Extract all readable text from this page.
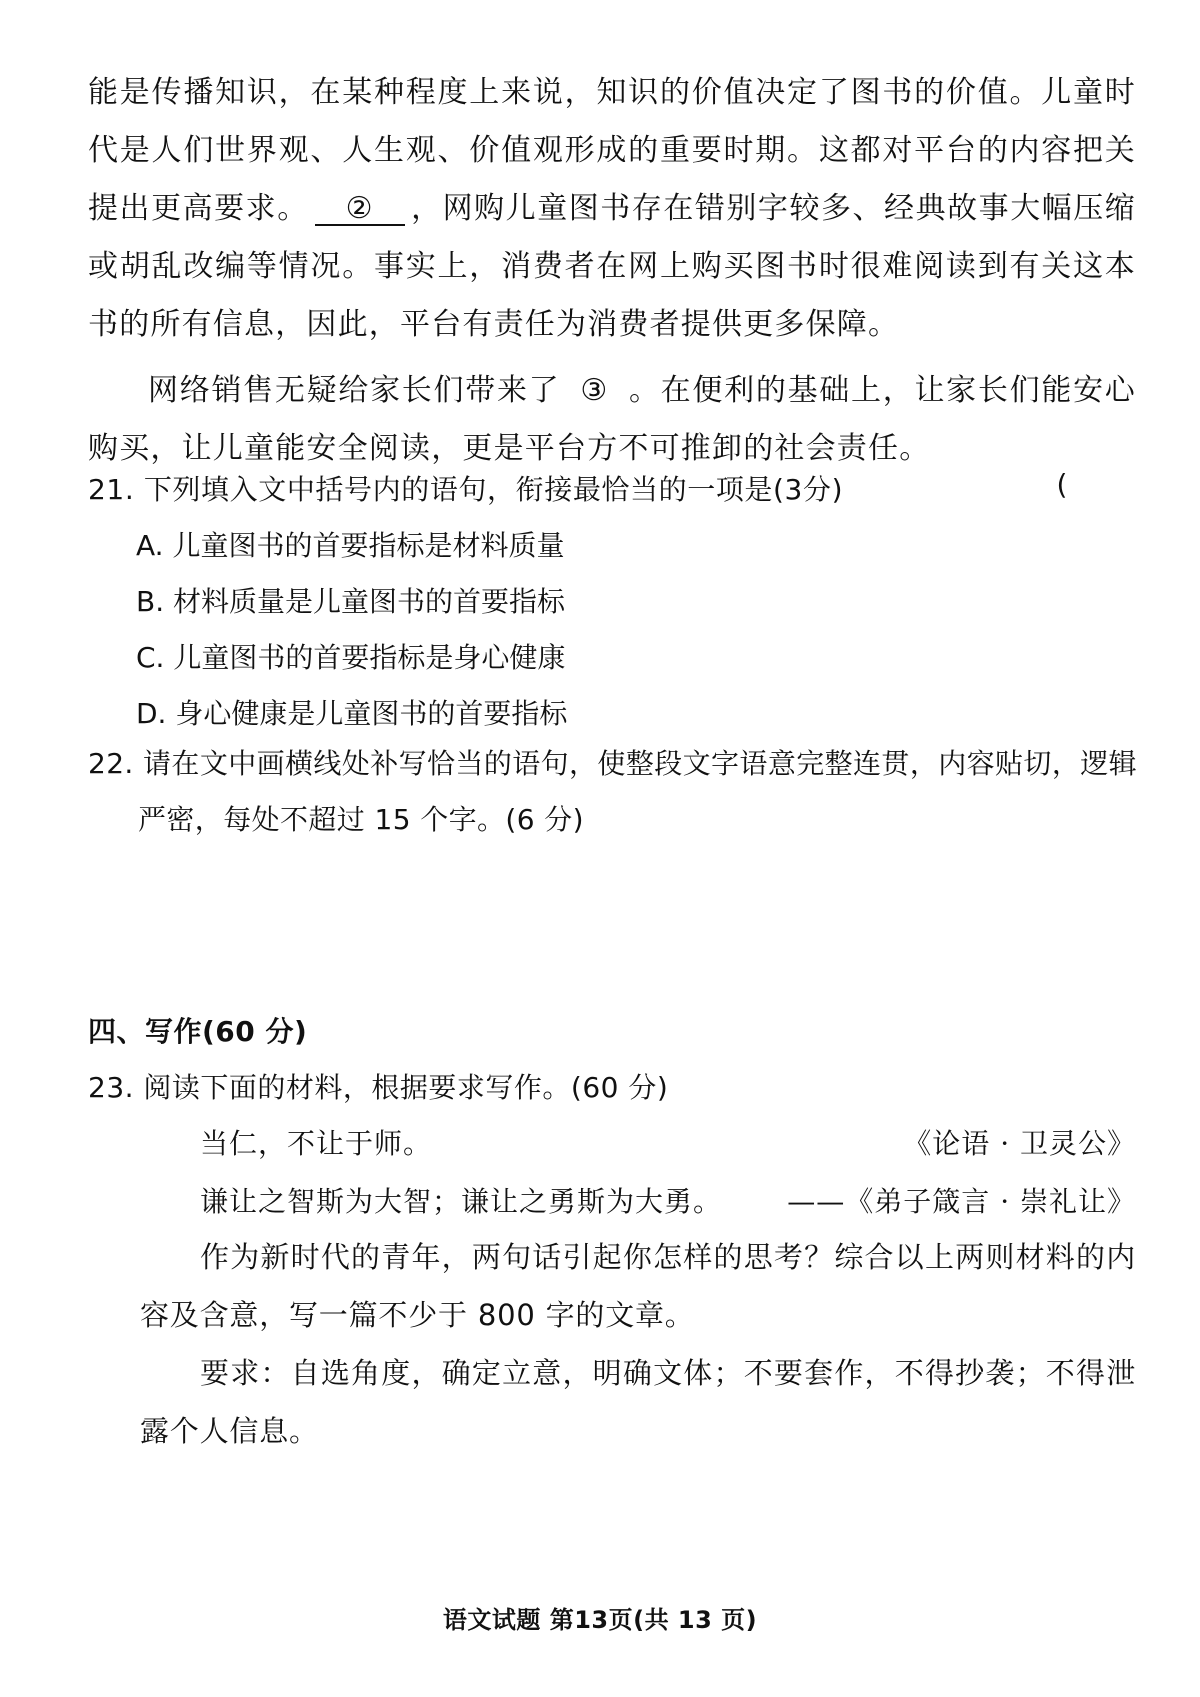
能是传播知识，在某种程度上来说，知识的价值决定了图书的价值。儿童时代是人们世界观、人生观、价值观形成的重要时期。这都对平台的内容把关提出更高要求。 ② ，网购儿童图书存在错别字较多、经典故事大幅压缩或胡乱改编等情况。事实上，消费者在网上购买图书时很难阅读到有关这本书的所有信息，因此，平台有责任为消费者提供更多保障。

网络销售无疑给家长们带来了 ③ 。在便利的基础上，让家长们能安心购买，让儿童能安全阅读，更是平台方不可推卸的社会责任。

21. 下列填入文中括号内的语句，衔接最恰当的一项是(3分)	(
A. 儿童图书的首要指标是材料质量
B. 材料质量是儿童图书的首要指标
C. 儿童图书的首要指标是身心健康
D. 身心健康是儿童图书的首要指标
22. 请在文中画横线处补写恰当的语句，使整段文字语意完整连贯，内容贴切，逻辑
严密，每处不超过 15 个字。(6 分)
四、写作(60 分)
23. 阅读下面的材料，根据要求写作。(60 分)
当仁，不让于师。	《论语 · 卫灵公》
谦让之智斯为大智；谦让之勇斯为大勇。 ——《弟子箴言 · 崇礼让》

作为新时代的青年，两句话引起你怎样的思考？综合以上两则材料的内容及含意，写一篇不少于 800 字的文章。

要求：自选角度，确定立意，明确文体；不要套作，不得抄袭；不得泄露个人信息。

语文试题 第13页(共 13 页)
